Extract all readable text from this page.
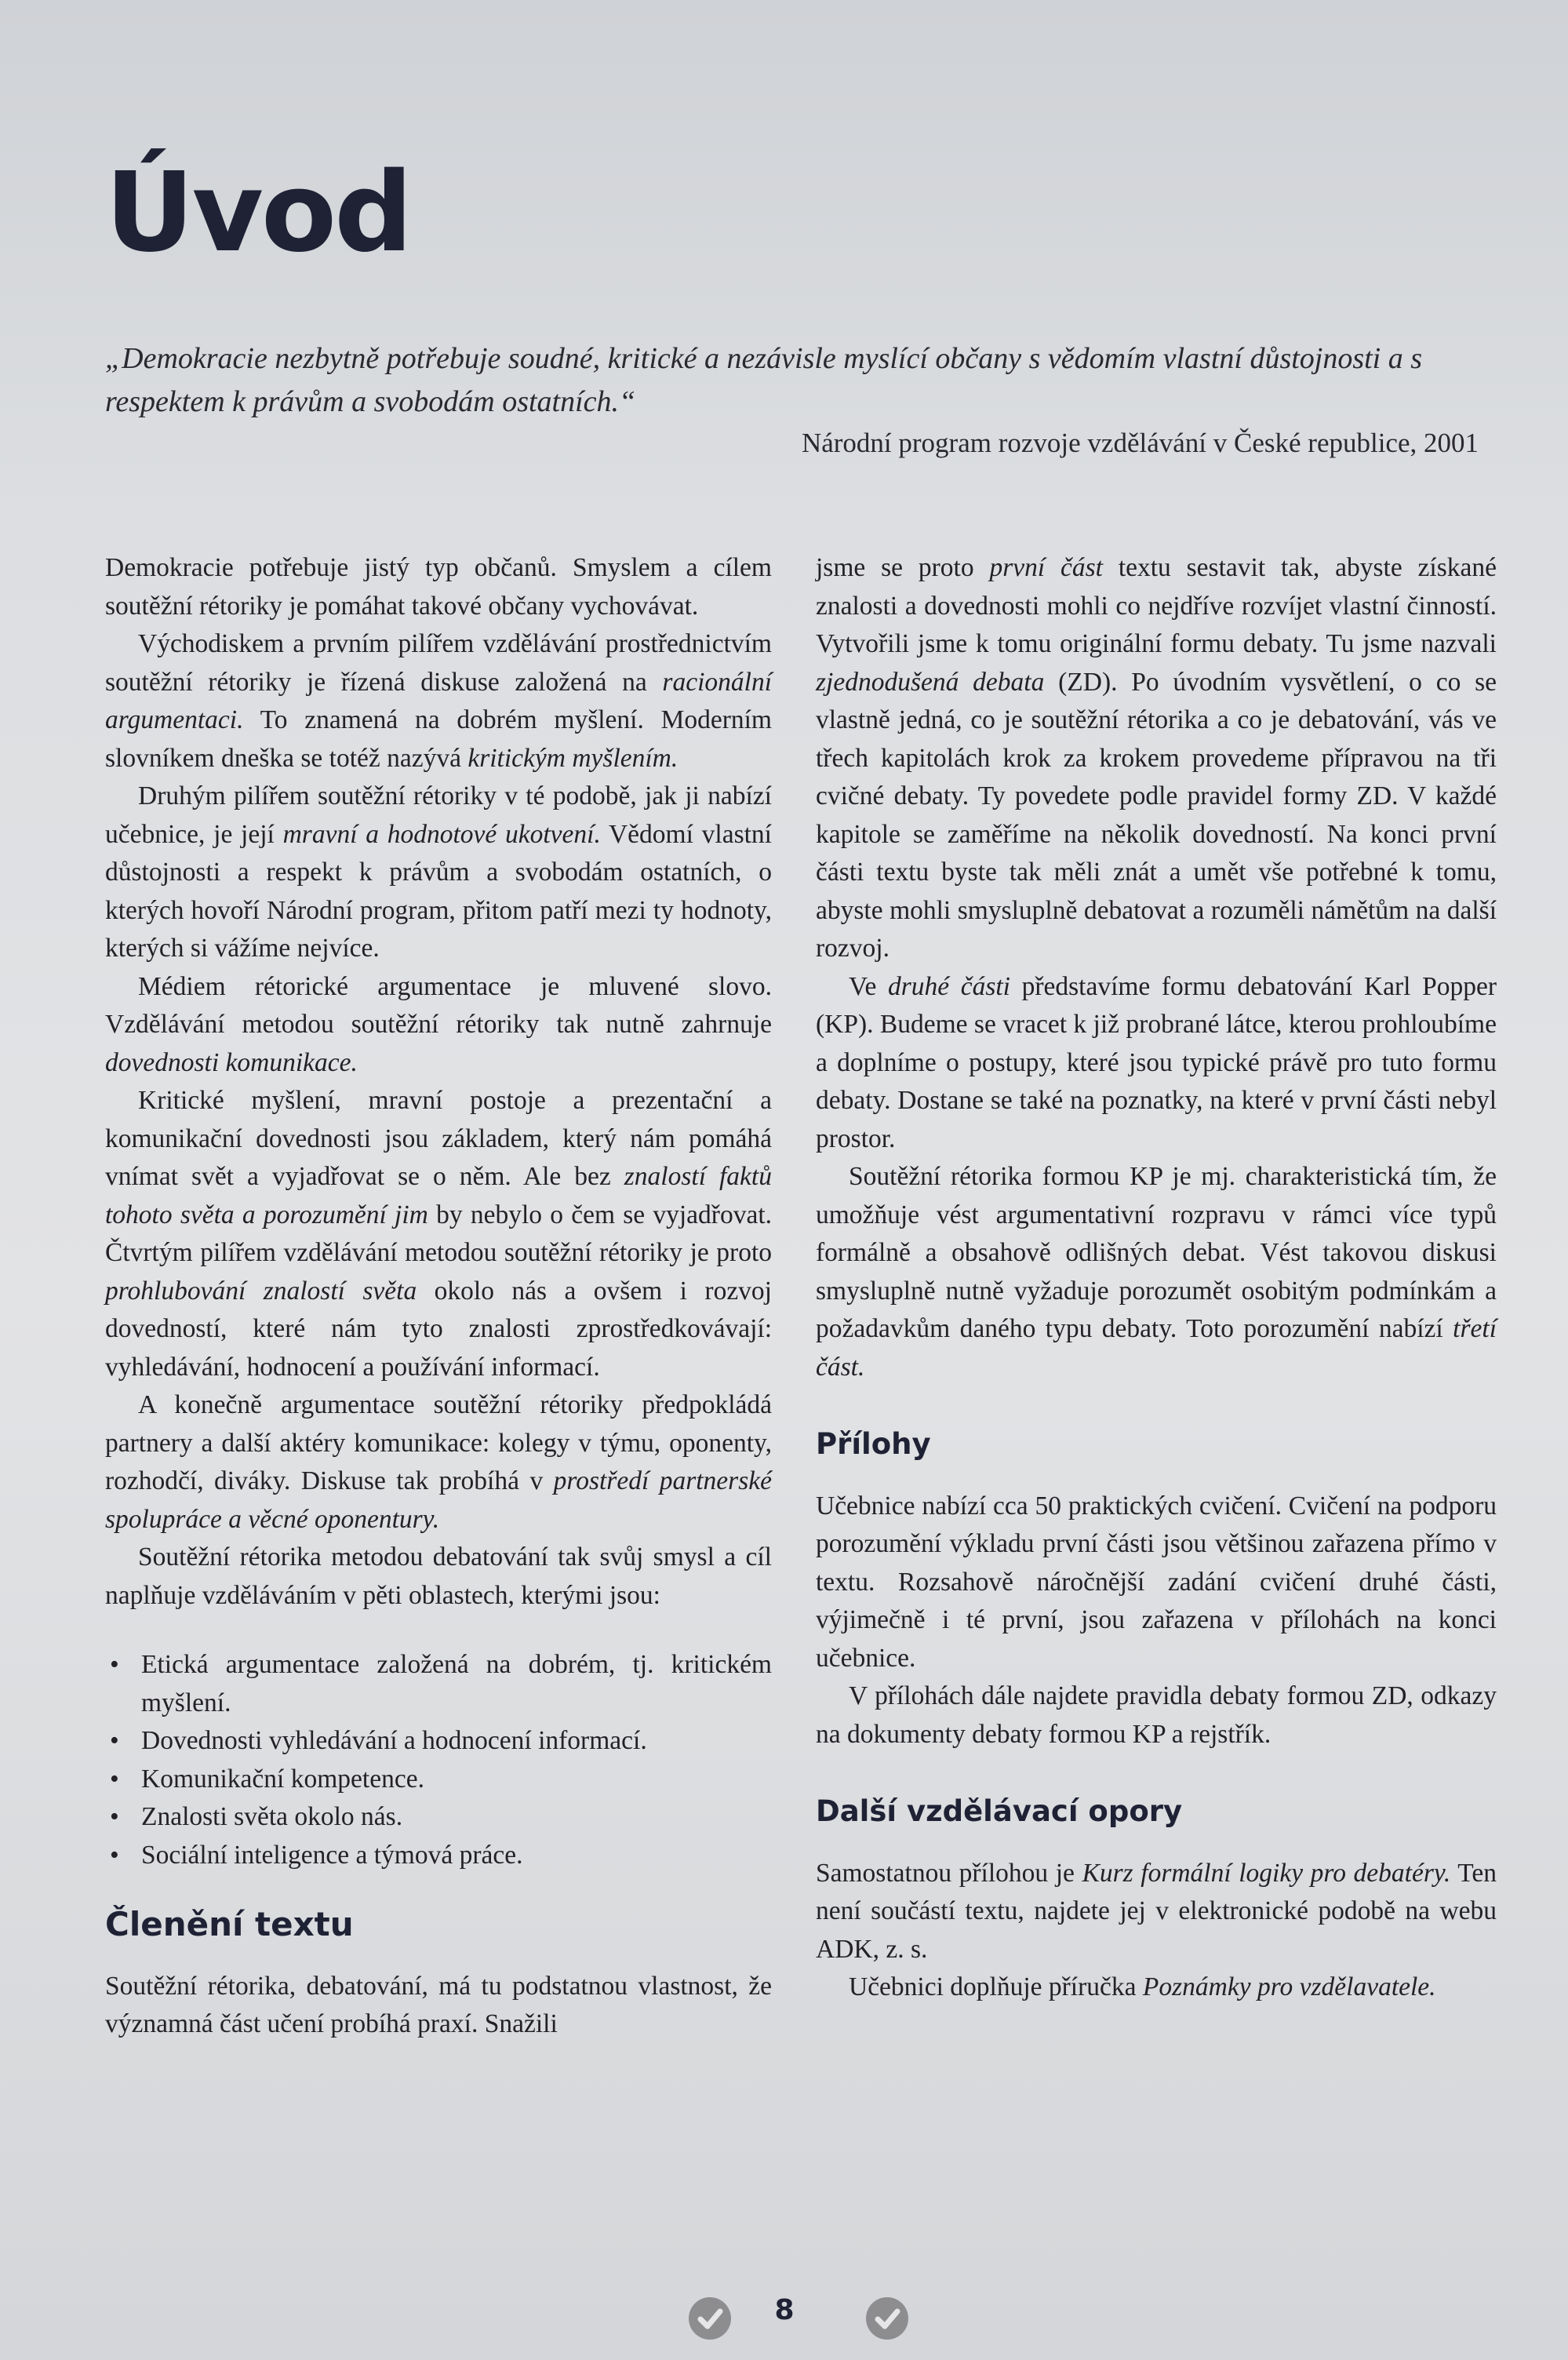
Úvod
„Demokracie nezbytně potřebuje soudné, kritické a nezávisle myslící občany s vědomím vlastní důstojnosti a s respektem k právům a svobodám ostatních.“
Národní program rozvoje vzdělávání v České republice, 2001

Demokracie potřebuje jistý typ občanů. Smyslem a cílem soutěžní rétoriky je pomáhat takové občany vychovávat.

Východiskem a prvním pilířem vzdělávání prostřednictvím soutěžní rétoriky je řízená diskuse založená na racionální argumentaci. To znamená na dobrém myšlení. Moderním slovníkem dneška se totéž nazývá kritickým myšlením.

Druhým pilířem soutěžní rétoriky v té podobě, jak ji nabízí učebnice, je její mravní a hodnotové ukotvení. Vědomí vlastní důstojnosti a respekt k právům a svobodám ostatních, o kterých hovoří Národní program, přitom patří mezi ty hodnoty, kterých si vážíme nejvíce.

Médiem rétorické argumentace je mluvené slovo. Vzdělávání metodou soutěžní rétoriky tak nutně zahrnuje dovednosti komunikace.

Kritické myšlení, mravní postoje a prezentační a komunikační dovednosti jsou základem, který nám pomáhá vnímat svět a vyjadřovat se o něm. Ale bez znalostí faktů tohoto světa a porozumění jim by nebylo o čem se vyjadřovat. Čtvrtým pilířem vzdělávání metodou soutěžní rétoriky je proto prohlubování znalostí světa okolo nás a ovšem i rozvoj dovedností, které nám tyto znalosti zprostředkovávají: vyhledávání, hodnocení a používání informací.

A konečně argumentace soutěžní rétoriky předpokládá partnery a další aktéry komunikace: kolegy v týmu, oponenty, rozhodčí, diváky. Diskuse tak probíhá v prostředí partnerské spolupráce a věcné oponentury.

Soutěžní rétorika metodou debatování tak svůj smysl a cíl naplňuje vzděláváním v pěti oblastech, kterými jsou:

• Etická argumentace založená na dobrém, tj. kritickém myšlení.
• Dovednosti vyhledávání a hodnocení informací.
• Komunikační kompetence.
• Znalosti světa okolo nás.
• Sociální inteligence a týmová práce.
Členění textu

Soutěžní rétorika, debatování, má tu podstatnou vlastnost, že významná část učení probíhá praxí. Snažili

jsme se proto první část textu sestavit tak, abyste získané znalosti a dovednosti mohli co nejdříve rozvíjet vlastní činností. Vytvořili jsme k tomu originální formu debaty. Tu jsme nazvali zjednodušená debata (ZD). Po úvodním vysvětlení, o co se vlastně jedná, co je soutěžní rétorika a co je debatování, vás ve třech kapitolách krok za krokem provedeme přípravou na tři cvičné debaty. Ty povedete podle pravidel formy ZD. V každé kapitole se zaměříme na několik dovedností. Na konci první části textu byste tak měli znát a umět vše potřebné k tomu, abyste mohli smysluplně debatovat a rozuměli námětům na další rozvoj.

Ve druhé části představíme formu debatování Karl Popper (KP). Budeme se vracet k již probrané látce, kterou prohloubíme a doplníme o postupy, které jsou typické právě pro tuto formu debaty. Dostane se také na poznatky, na které v první části nebyl prostor.

Soutěžní rétorika formou KP je mj. charakteristická tím, že umožňuje vést argumentativní rozpravu v rámci více typů formálně a obsahově odlišných debat. Vést takovou diskusi smysluplně nutně vyžaduje porozumět osobitým podmínkám a požadavkům daného typu debaty. Toto porozumění nabízí třetí část.

Přílohy

Učebnice nabízí cca 50 praktických cvičení. Cvičení na podporu porozumění výkladu první části jsou většinou zařazena přímo v textu. Rozsahově náročnější zadání cvičení druhé části, výjimečně i té první, jsou zařazena v přílohách na konci učebnice.

V přílohách dále najdete pravidla debaty formou ZD, odkazy na dokumenty debaty formou KP a rejstřík.

Další vzdělávací opory

Samostatnou přílohou je Kurz formální logiky pro debatéry. Ten není součástí textu, najdete jej v elektronické podobě na webu ADK, z. s.

Učebnici doplňuje příručka Poznámky pro vzdělavatele.

8
